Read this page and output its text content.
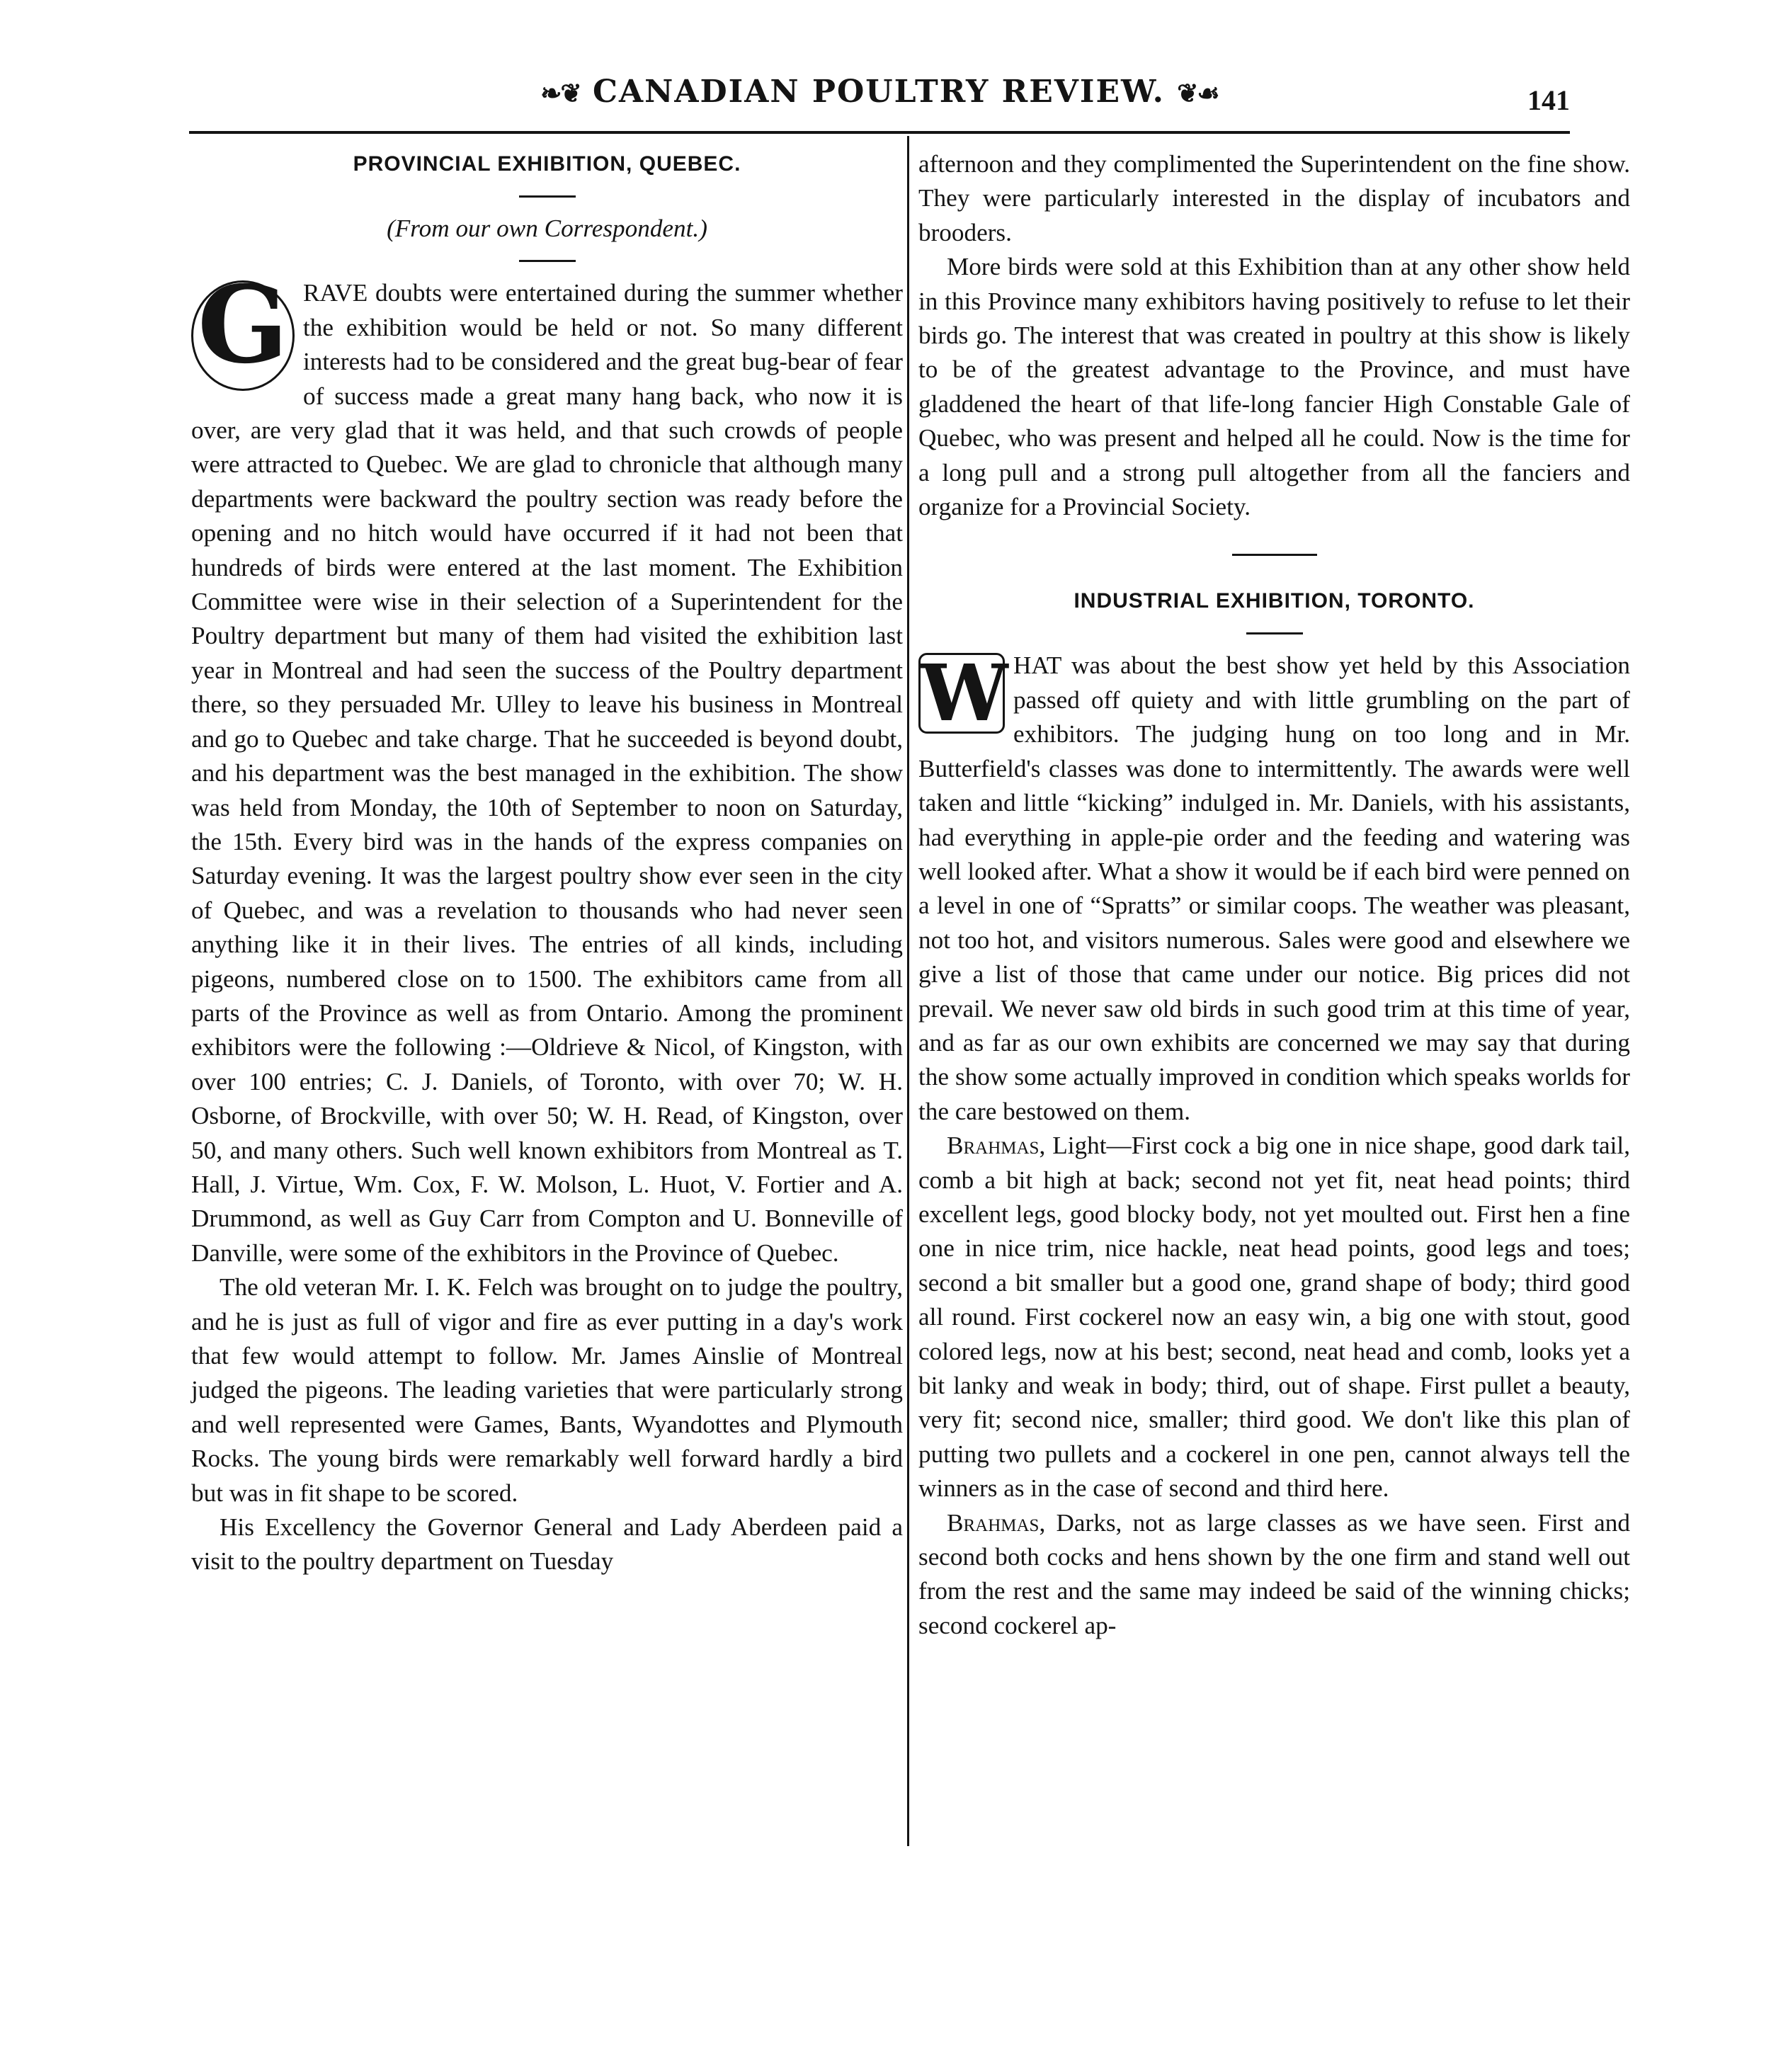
❧❦ CANADIAN POULTRY REVIEW. ❦☙	141
PROVINCIAL EXHIBITION, QUEBEC.

(From our own Correspondent.)

G RAVE doubts were entertained during the summer whether the exhibition would be held or not. So many different interests had to be considered and the great bug-bear of fear of success made a great many hang back, who now it is over, are very glad that it was held, and that such crowds of people were attracted to Quebec. We are glad to chronicle that although many departments were backward the poultry section was ready before the opening and no hitch would have occurred if it had not been that hundreds of birds were entered at the last moment. The Exhibition Committee were wise in their selection of a Superintendent for the Poultry department but many of them had visited the exhibition last year in Montreal and had seen the success of the Poultry department there, so they persuaded Mr. Ulley to leave his business in Montreal and go to Quebec and take charge. That he succeeded is beyond doubt, and his department was the best managed in the exhibition. The show was held from Monday, the 10th of September to noon on Saturday, the 15th. Every bird was in the hands of the express companies on Saturday evening. It was the largest poultry show ever seen in the city of Quebec, and was a revelation to thousands who had never seen anything like it in their lives. The entries of all kinds, including pigeons, numbered close on to 1500. The exhibitors came from all parts of the Province as well as from Ontario. Among the prominent exhibitors were the following :—Oldrieve & Nicol, of Kingston, with over 100 entries; C. J. Daniels, of Toronto, with over 70; W. H. Osborne, of Brockville, with over 50; W. H. Read, of Kingston, over 50, and many others. Such well known exhibitors from Montreal as T. Hall, J. Virtue, Wm. Cox, F. W. Molson, L. Huot, V. Fortier and A. Drummond, as well as Guy Carr from Compton and U. Bonneville of Danville, were some of the exhibitors in the Province of Quebec.

The old veteran Mr. I. K. Felch was brought on to judge the poultry, and he is just as full of vigor and fire as ever putting in a day's work that few would attempt to follow. Mr. James Ainslie of Montreal judged the pigeons. The leading varieties that were particularly strong and well represented were Games, Bants, Wyandottes and Plymouth Rocks. The young birds were remarkably well forward hardly a bird but was in fit shape to be scored.

His Excellency the Governor General and Lady Aberdeen paid a visit to the poultry department on Tuesday

afternoon and they complimented the Superintendent on the fine show. They were particularly interested in the display of incubators and brooders.

More birds were sold at this Exhibition than at any other show held in this Province many exhibitors having positively to refuse to let their birds go. The interest that was created in poultry at this show is likely to be of the greatest advantage to the Province, and must have gladdened the heart of that life-long fancier High Constable Gale of Quebec, who was present and helped all he could. Now is the time for a long pull and a strong pull altogether from all the fanciers and organize for a Provincial Society.

INDUSTRIAL EXHIBITION, TORONTO.

W HAT was about the best show yet held by this Association passed off quiety and with little grumbling on the part of exhibitors. The judging hung on too long and in Mr. Butterfield's classes was done to intermittently. The awards were well taken and little “kicking” indulged in. Mr. Daniels, with his assistants, had everything in apple-pie order and the feeding and watering was well looked after. What a show it would be if each bird were penned on a level in one of “Spratts” or similar coops. The weather was pleasant, not too hot, and visitors numerous. Sales were good and elsewhere we give a list of those that came under our notice. Big prices did not prevail. We never saw old birds in such good trim at this time of year, and as far as our own exhibits are concerned we may say that during the show some actually improved in condition which speaks worlds for the care bestowed on them.

Brahmas, Light—First cock a big one in nice shape, good dark tail, comb a bit high at back; second not yet fit, neat head points; third excellent legs, good blocky body, not yet moulted out. First hen a fine one in nice trim, nice hackle, neat head points, good legs and toes; second a bit smaller but a good one, grand shape of body; third good all round. First cockerel now an easy win, a big one with stout, good colored legs, now at his best; second, neat head and comb, looks yet a bit lanky and weak in body; third, out of shape. First pullet a beauty, very fit; second nice, smaller; third good. We don't like this plan of putting two pullets and a cockerel in one pen, cannot always tell the winners as in the case of second and third here.

Brahmas, Darks, not as large classes as we have seen. First and second both cocks and hens shown by the one firm and stand well out from the rest and the same may indeed be said of the winning chicks; second cockerel ap-
